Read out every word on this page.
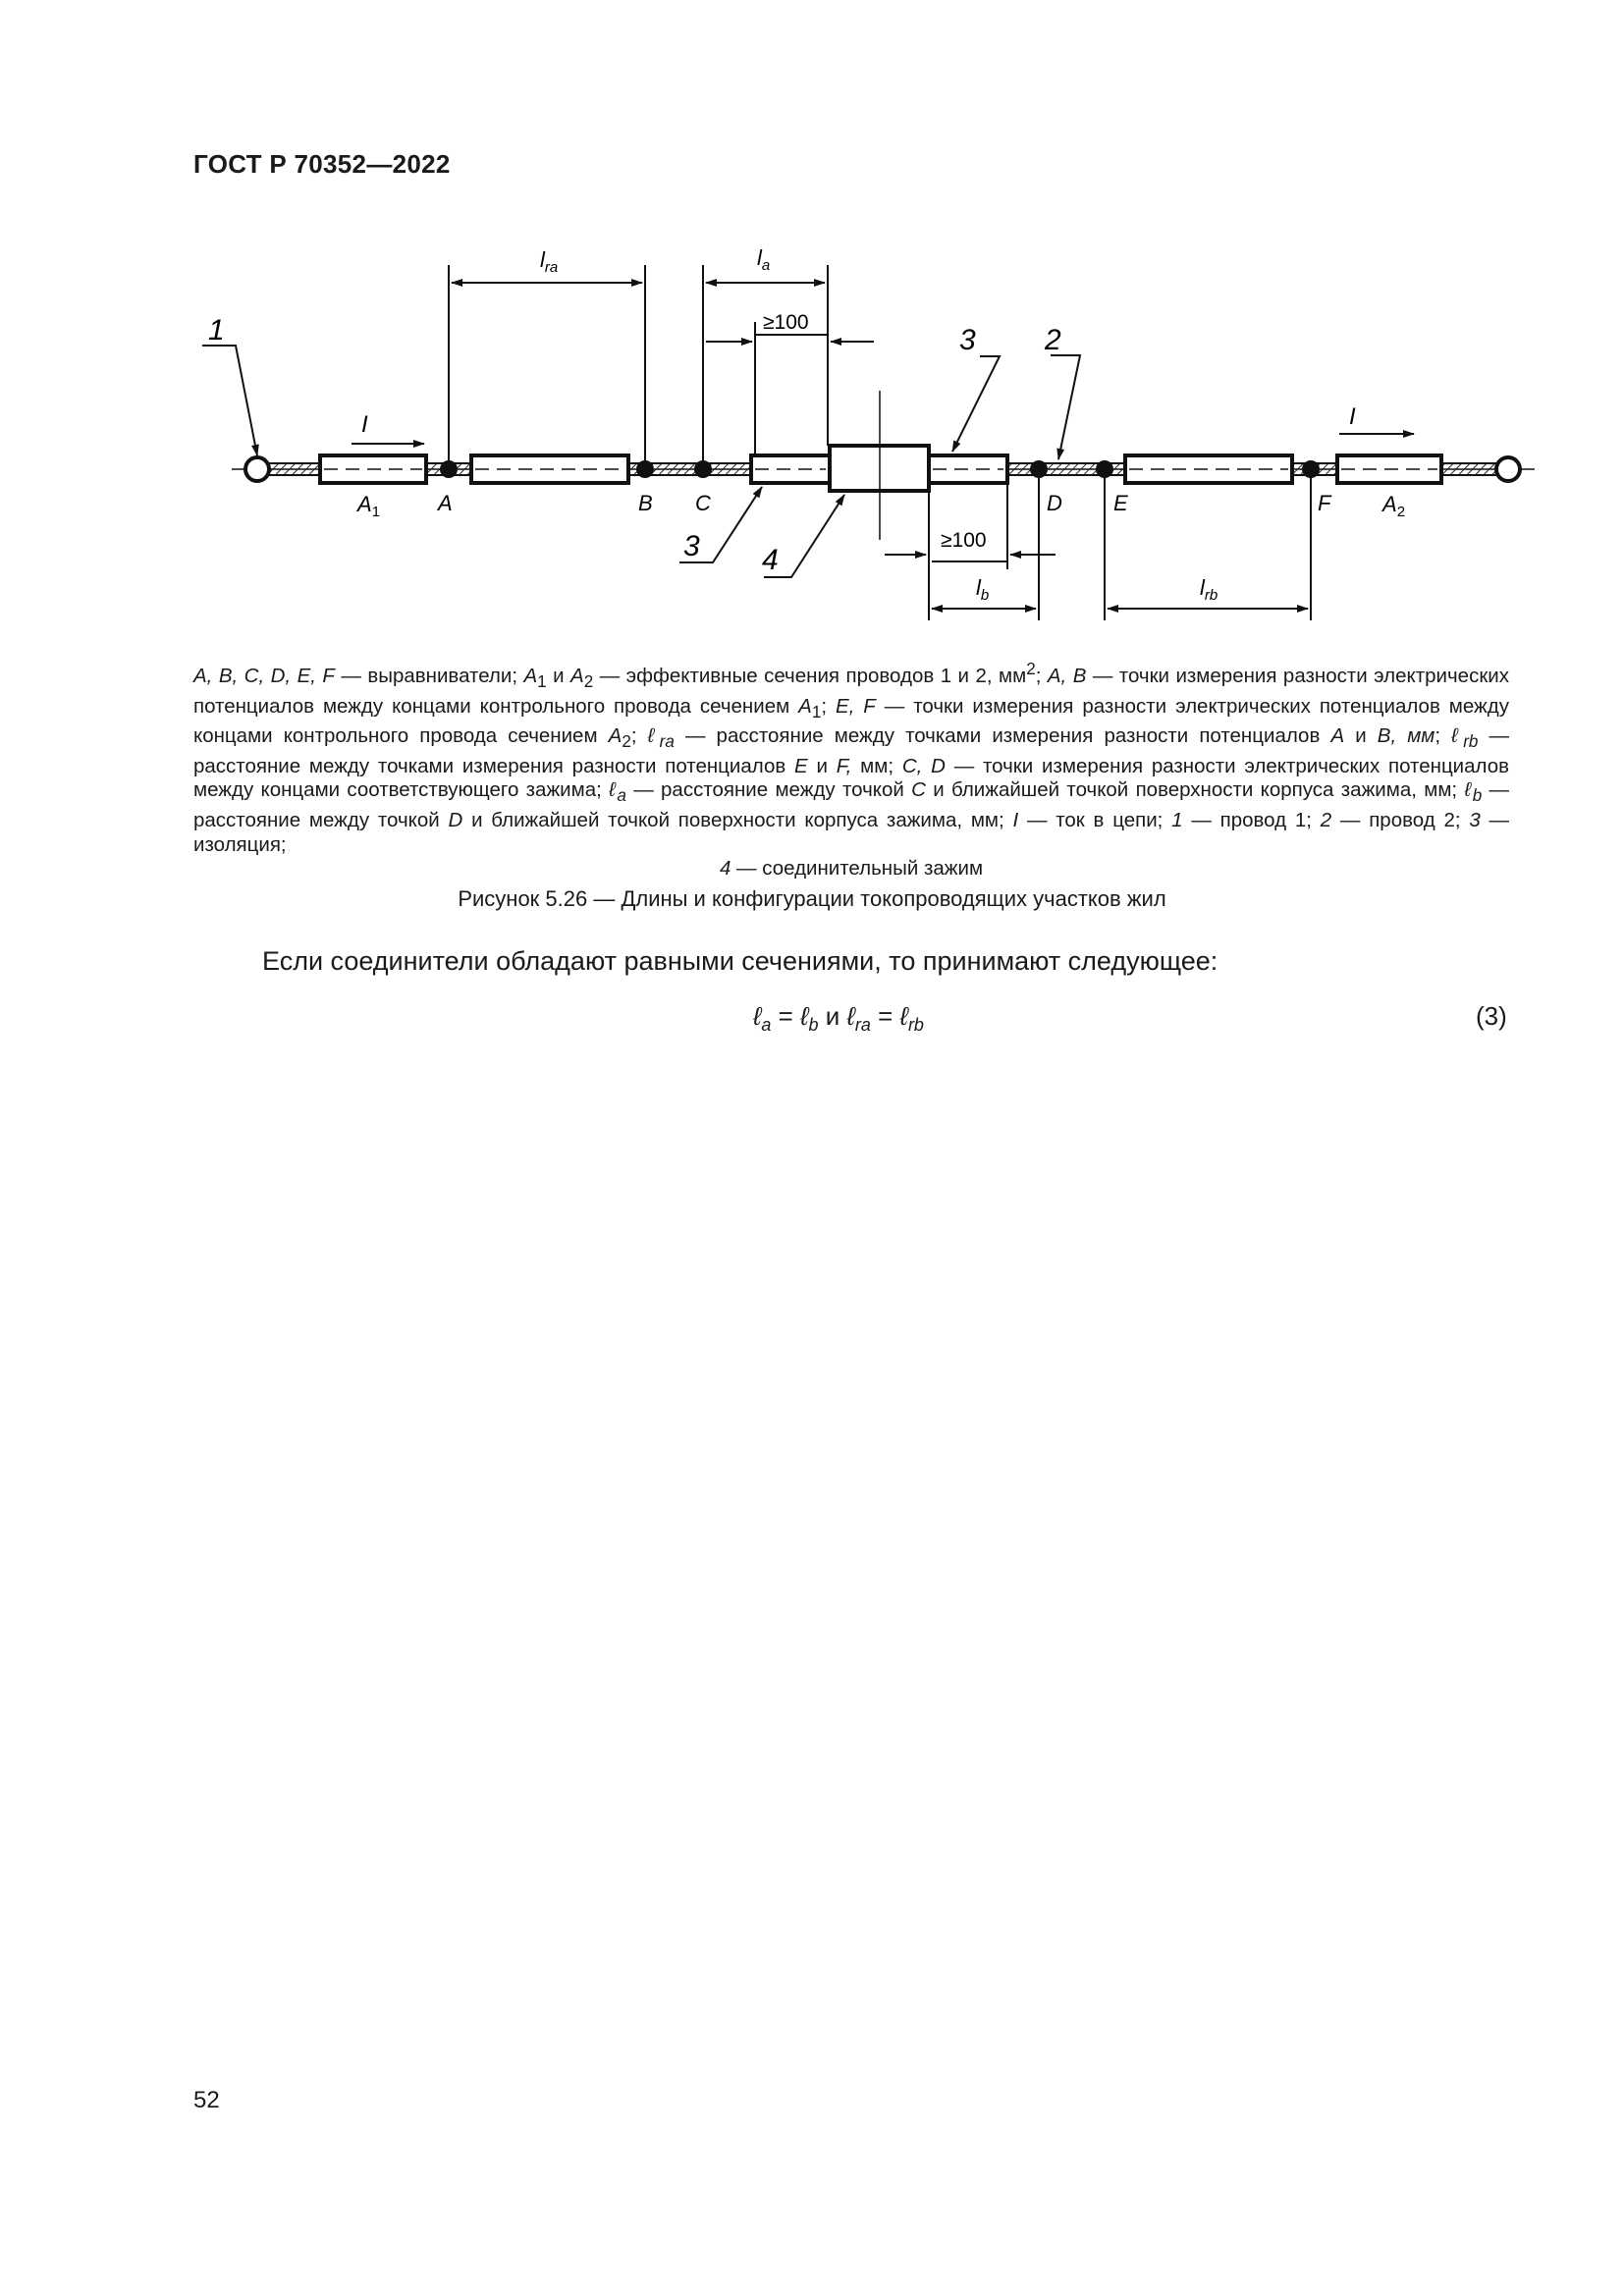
ГОСТ Р 70352—2022
$l_{ra}$	$l_a$
≥100
≥100
$l_b$	$l_{rb}$
I	I
1	3 2
3 4
$A_1$	A	B C	D E	F $A_2$
A, B, C, D, E, F — выравниватели; $A_1$ и $A_2$ — эффективные сечения проводов 1 и 2, $мм^2$; A, B — точки измерения разности электрических потенциалов между концами контрольного провода сечением $A_1$; E, F — точки измерения разности электрических потенциалов между концами контрольного провода сечением $A_2$; ℓ$_{ra}$ — расстояние между точками измерения разности потенциалов A и B, мм; ℓ$_{rb}$ — расстояние между точками измерения разности потенциалов E и F, мм; C, D — точки измерения разности электрических потенциалов между концами соответствующего зажима; ℓ$_a$ — расстояние между точкой C и ближайшей точкой поверхности корпуса зажима, мм; ℓ$_b$ — расстояние между точкой D и ближайшей точкой поверхности корпуса зажима, мм; I — ток в цепи; 1 — провод 1; 2 — провод 2; 3 — изоляция;
4 — соединительный зажим
Рисунок 5.26 — Длины и конфигурации токопроводящих участков жил
Если соединители обладают равными сечениями, то принимают следующее:
ℓ$_a$ = ℓ$_b$ и ℓ$_{ra}$ = ℓ$_{rb}$	(3)
52
